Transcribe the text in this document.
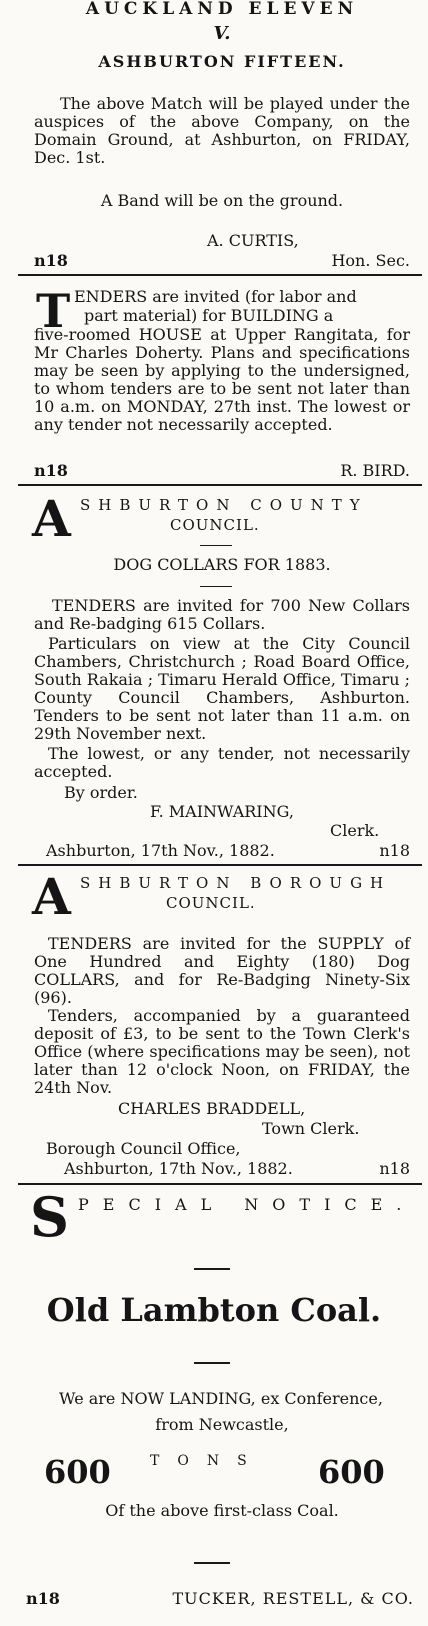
AUCKLAND ELEVEN
V.
ASHBURTON FIFTEEN.
The above Match will be played under the auspices of the above Company, on the Domain Ground, at Ashburton, on FRIDAY, Dec. 1st.
A Band will be on the ground.
A. CURTIS,
n18	Hon. Sec.
T ENDERS are invited (for labor and
part material) for BUILDING a
five-roomed HOUSE at Upper Rangitata, for Mr Charles Doherty. Plans and specifications may be seen by applying to the undersigned, to whom tenders are to be sent not later than 10 a.m. on MONDAY, 27th inst. The lowest or any tender not necessarily accepted.
n18	R. BIRD.
A SHBURTON COUNTY
COUNCIL.
DOG COLLARS FOR 1883.
TENDERS are invited for 700 New Collars and Re-badging 615 Collars.
Particulars on view at the City Council Chambers, Christchurch ; Road Board Office, South Rakaia ; Timaru Herald Office, Timaru ; County Council Chambers, Ashburton. Tenders to be sent not later than 11 a.m. on 29th November next.
The lowest, or any tender, not necessarily accepted.
By order.
F. MAINWARING,
Clerk.
Ashburton, 17th Nov., 1882.	n18
A SHBURTON BOROUGH
COUNCIL.
TENDERS are invited for the SUPPLY of One Hundred and Eighty (180) Dog COLLARS, and for Re-Badging Ninety-Six (96).
Tenders, accompanied by a guaranteed deposit of £3, to be sent to the Town Clerk's Office (where specifications may be seen), not later than 12 o'clock Noon, on FRIDAY, the 24th Nov.
CHARLES BRADDELL,
Town Clerk.
Borough Council Office,
Ashburton, 17th Nov., 1882.	n18
S PECIAL NOTICE.
Old Lambton Coal.
We are NOW LANDING, ex Conference,
from Newcastle,
600	TONS	600
Of the above first-class Coal.
n18	TUCKER, RESTELL, & CO.
